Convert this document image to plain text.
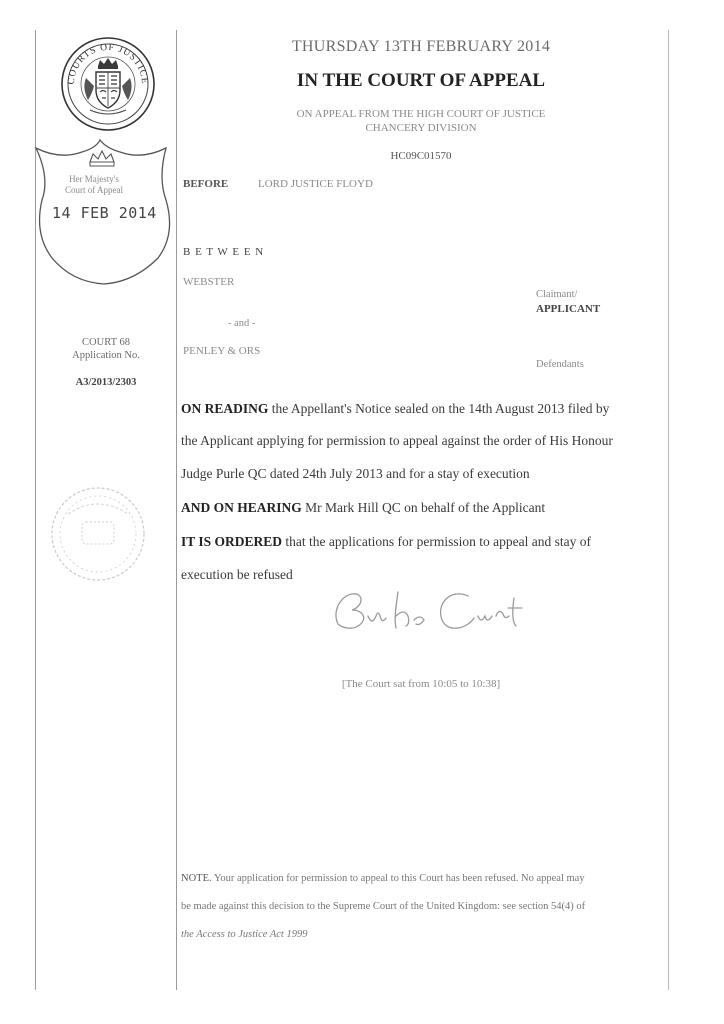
COURTS OF JUSTICE
Her Majesty's
Court of Appeal
14 FEB 2014
THURSDAY 13TH FEBRUARY 2014
IN THE COURT OF APPEAL
ON APPEAL FROM THE HIGH COURT OF JUSTICE
CHANCERY DIVISION
HC09C01570
BEFORE	LORD JUSTICE FLOYD
B E T W E E N
WEBSTER
Claimant/
APPLICANT
- and -
PENLEY & ORS
Defendants
COURT 68
Application No.
A3/2013/2303
ON READING the Appellant's Notice sealed on the 14th August 2013 filed by
the Applicant applying for permission to appeal against the order of His Honour
Judge Purle QC dated 24th July 2013 and for a stay of execution
AND ON HEARING Mr Mark Hill QC on behalf of the Applicant
IT IS ORDERED that the applications for permission to appeal and stay of
execution be refused
[The Court sat from 10:05 to 10:38]
NOTE. Your application for permission to appeal to this Court has been refused. No appeal may
be made against this decision to the Supreme Court of the United Kingdom: see section 54(4) of
the Access to Justice Act 1999
